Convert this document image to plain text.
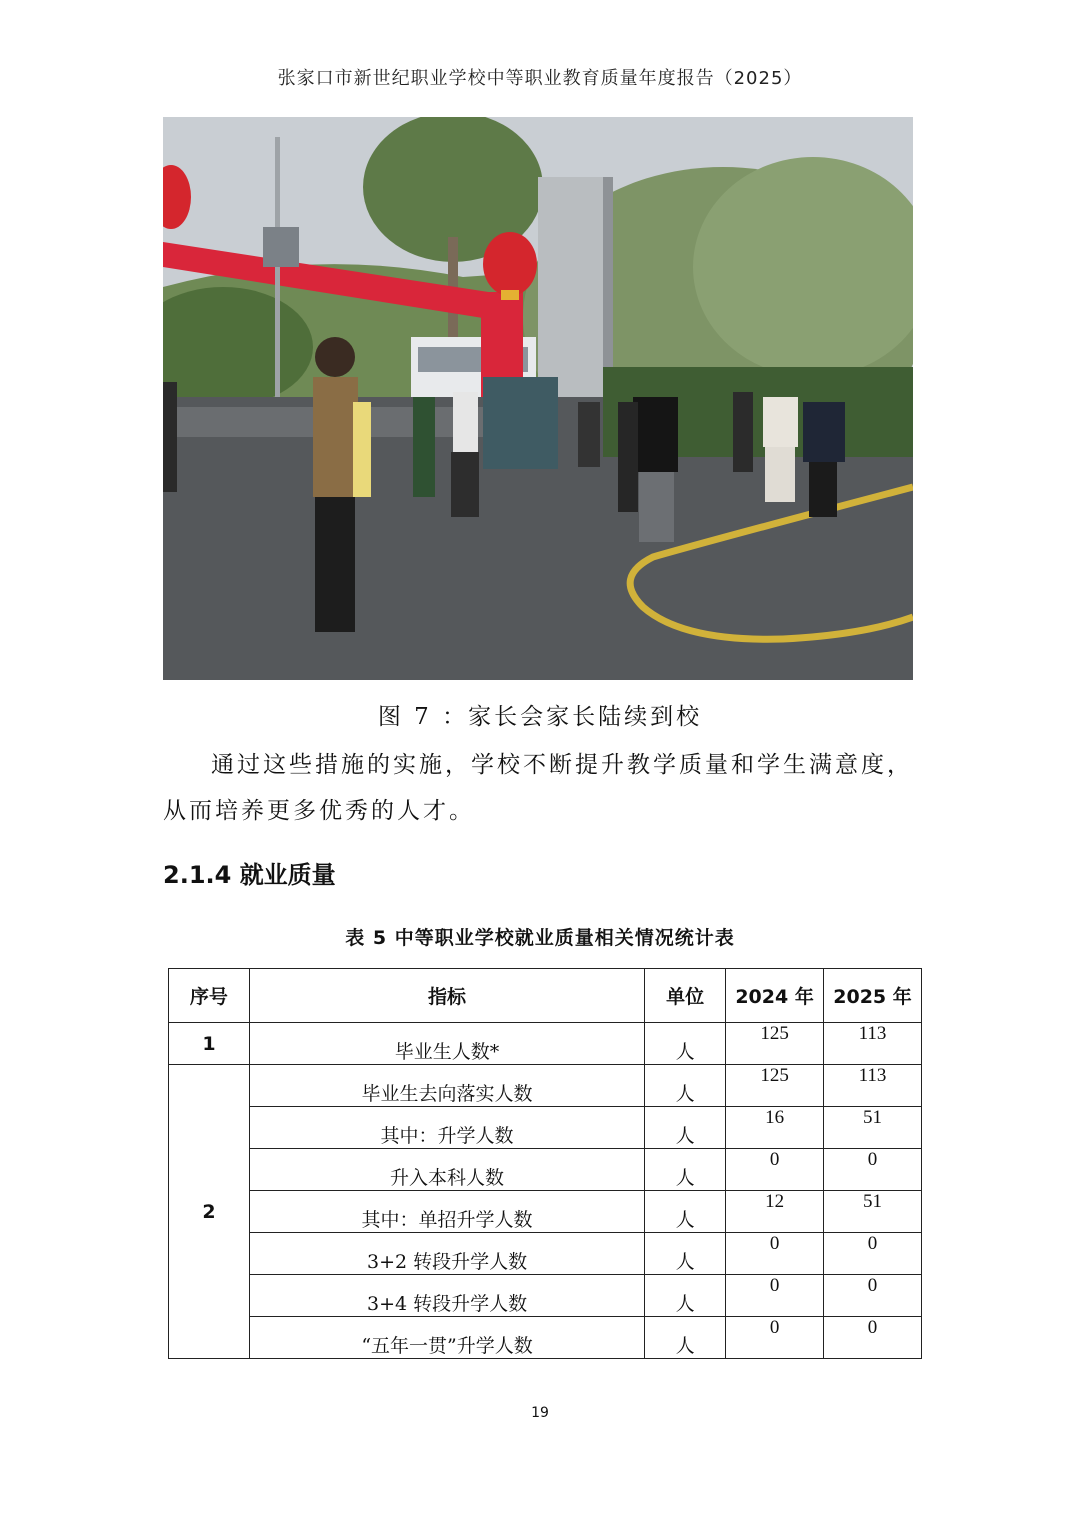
张家口市新世纪职业学校中等职业教育质量年度报告（2025）
图 7 ：家长会家长陆续到校
通过这些措施的实施，学校不断提升教学质量和学生满意度，从而培养更多优秀的人才。
2.1.4 就业质量
表 5 中等职业学校就业质量相关情况统计表
序号	指标	单位	2024 年	2025 年
1	毕业生人数*	人	125	113
2	毕业生去向落实人数	人	125	113
	其中：升学人数	人	16	51
	升入本科人数	人	0	0
	其中：单招升学人数	人	12	51
	3+2 转段升学人数	人	0	0
	3+4 转段升学人数	人	0	0
	“五年一贯”升学人数	人	0	0
19
